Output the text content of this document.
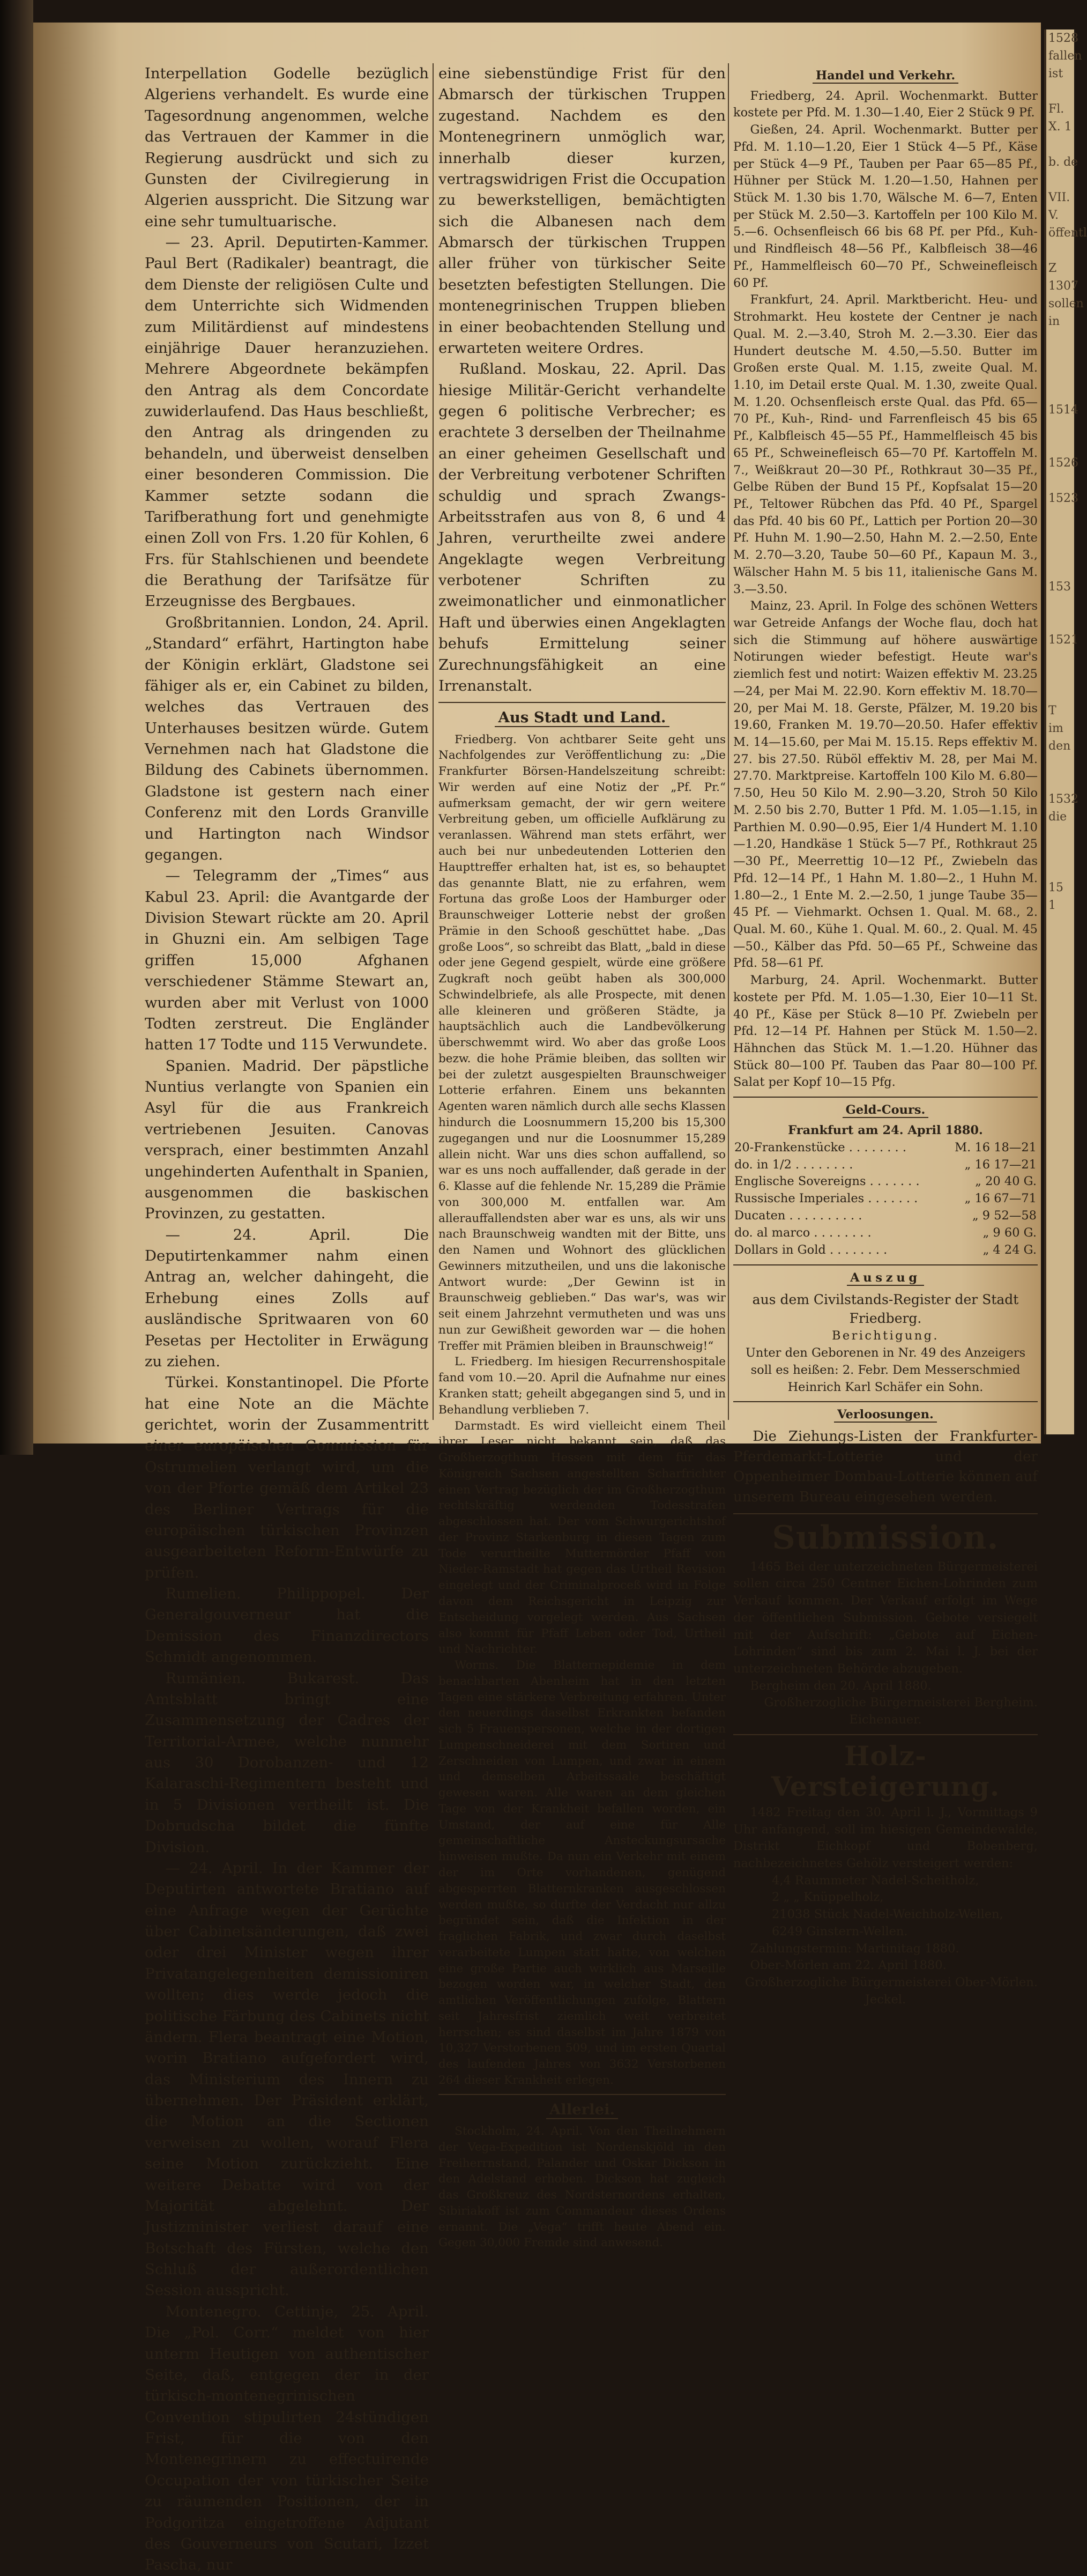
1528
fallen
ist

Fl.
X. 1

b. de

VII.
V.
öffentl

Z
1307
sollen
in

1514

1526

1523

153

1521

T
im
den

1532
die

15
1

Interpellation Godelle bezüglich Algeriens verhandelt. Es wurde eine Tagesordnung angenommen, welche das Vertrauen der Kammer in die Regierung ausdrückt und sich zu Gunsten der Civilregierung in Algerien ausspricht. Die Sitzung war eine sehr tumultuarische.

— 23. April. Deputirten-Kammer. Paul Bert (Radikaler) beantragt, die dem Dienste der religiösen Culte und dem Unterrichte sich Widmenden zum Militärdienst auf mindestens einjährige Dauer heranzuziehen. Mehrere Abgeordnete bekämpfen den Antrag als dem Concordate zuwiderlaufend. Das Haus beschließt, den Antrag als dringenden zu behandeln, und überweist denselben einer besonderen Commission. Die Kammer setzte sodann die Tarifberathung fort und genehmigte einen Zoll von Frs. 1.20 für Kohlen, 6 Frs. für Stahlschienen und beendete die Berathung der Tarifsätze für Erzeugnisse des Bergbaues.

Großbritannien. London, 24. April. „Standard“ erfährt, Hartington habe der Königin erklärt, Gladstone sei fähiger als er, ein Cabinet zu bilden, welches das Vertrauen des Unterhauses besitzen würde. Gutem Vernehmen nach hat Gladstone die Bildung des Cabinets übernommen. Gladstone ist gestern nach einer Conferenz mit den Lords Granville und Hartington nach Windsor gegangen.

— Telegramm der „Times“ aus Kabul 23. April: die Avantgarde der Division Stewart rückte am 20. April in Ghuzni ein. Am selbigen Tage griffen 15,000 Afghanen verschiedener Stämme Stewart an, wurden aber mit Verlust von 1000 Todten zerstreut. Die Engländer hatten 17 Todte und 115 Verwundete.

Spanien. Madrid. Der päpstliche Nuntius verlangte von Spanien ein Asyl für die aus Frankreich vertriebenen Jesuiten. Canovas versprach, einer bestimmten Anzahl ungehinderten Aufenthalt in Spanien, ausgenommen die baskischen Provinzen, zu gestatten.

— 24. April. Die Deputirtenkammer nahm einen Antrag an, welcher dahingeht, die Erhebung eines Zolls auf ausländische Spritwaaren von 60 Pesetas per Hectoliter in Erwägung zu ziehen.

Türkei. Konstantinopel. Die Pforte hat eine Note an die Mächte gerichtet, worin der Zusammentritt einer europäischen Commission für Ostrumelien verlangt wird, um die von der Pforte gemäß dem Artikel 23 des Berliner Vertrags für die europäischen türkischen Provinzen ausgearbeiteten Reform-Entwürfe zu prüfen.

Rumelien. Philippopel. Der Generalgouverneur hat die Demission des Finanzdirectors Schmidt angenommen.

Rumänien. Bukarest. Das Amtsblatt bringt eine Zusammensetzung der Cadres der Territorial-Armee, welche nunmehr aus 30 Dorobanzen- und 12 Kalaraschi-Regimentern besteht und in 5 Divisionen vertheilt ist. Die Dobrudscha bildet die fünfte Division.

— 24. April. In der Kammer der Deputirten antwortete Bratiano auf eine Anfrage wegen der Gerüchte über Cabinetsänderungen, daß zwei oder drei Minister wegen ihrer Privatangelegenheiten demissioniren wollten; dies werde jedoch die politische Färbung des Cabinets nicht ändern. Flera beantragt eine Motion, worin Bratiano aufgefordert wird, das Ministerium des Innern zu übernehmen. Der Präsident erklärt, die Motion an die Sectionen verweisen zu wollen, worauf Flera seine Motion zurückzieht. Eine weitere Debatte wird von der Majorität abgelehnt. Der Justizminister verliest darauf eine Botschaft des Fürsten, welche den Schluß der außerordentlichen Session ausspricht.

Montenegro. Cettinje, 25. April. Die „Pol. Corr.“ meldet von hier unterm Heutigen von authentischer Seite, daß, entgegen der in der türkisch-montenegrinischen Convention stipulirten 24stündigen Frist, für die von den Montenegrinern zu effectuirende Occupation der von türkischer Seite zu räumenden Positionen, der in Podgoritza eingetroffene Adjutant des Gouverneurs von Scutari, Izzet Pascha, nur

eine siebenstündige Frist für den Abmarsch der türkischen Truppen zugestand. Nachdem es den Montenegrinern unmöglich war, innerhalb dieser kurzen, vertragswidrigen Frist die Occupation zu bewerkstelligen, bemächtigten sich die Albanesen nach dem Abmarsch der türkischen Truppen aller früher von türkischer Seite besetzten befestigten Stellungen. Die montenegrinischen Truppen blieben in einer beobachtenden Stellung und erwarteten weitere Ordres.

Rußland. Moskau, 22. April. Das hiesige Militär-Gericht verhandelte gegen 6 politische Verbrecher; es erachtete 3 derselben der Theilnahme an einer geheimen Gesellschaft und der Verbreitung verbotener Schriften schuldig und sprach Zwangs-Arbeitsstrafen aus von 8, 6 und 4 Jahren, verurtheilte zwei andere Angeklagte wegen Verbreitung verbotener Schriften zu zweimonatlicher und einmonatlicher Haft und überwies einen Angeklagten behufs Ermittelung seiner Zurechnungsfähigkeit an eine Irrenanstalt.

Aus Stadt und Land.

Friedberg. Von achtbarer Seite geht uns Nachfolgendes zur Veröffentlichung zu: „Die Frankfurter Börsen-Handelszeitung schreibt: Wir werden auf eine Notiz der „Pf. Pr.“ aufmerksam gemacht, der wir gern weitere Verbreitung geben, um officielle Aufklärung zu veranlassen. Während man stets erfährt, wer auch bei nur unbedeutenden Lotterien den Haupttreffer erhalten hat, ist es, so behauptet das genannte Blatt, nie zu erfahren, wem Fortuna das große Loos der Hamburger oder Braunschweiger Lotterie nebst der großen Prämie in den Schooß geschüttet habe. „Das große Loos“, so schreibt das Blatt, „bald in diese oder jene Gegend gespielt, würde eine größere Zugkraft noch geübt haben als 300,000 Schwindelbriefe, als alle Prospecte, mit denen alle kleineren und größeren Städte, ja hauptsächlich auch die Landbevölkerung überschwemmt wird. Wo aber das große Loos bezw. die hohe Prämie bleiben, das sollten wir bei der zuletzt ausgespielten Braunschweiger Lotterie erfahren. Einem uns bekannten Agenten waren nämlich durch alle sechs Klassen hindurch die Loosnummern 15,200 bis 15,300 zugegangen und nur die Loosnummer 15,289 allein nicht. War uns dies schon auffallend, so war es uns noch auffallender, daß gerade in der 6. Klasse auf die fehlende Nr. 15,289 die Prämie von 300,000 M. entfallen war. Am allerauffallendsten aber war es uns, als wir uns nach Braunschweig wandten mit der Bitte, uns den Namen und Wohnort des glücklichen Gewinners mitzutheilen, und uns die lakonische Antwort wurde: „Der Gewinn ist in Braunschweig geblieben.“ Das war's, was wir seit einem Jahrzehnt vermutheten und was uns nun zur Gewißheit geworden war — die hohen Treffer mit Prämien bleiben in Braunschweig!“

L. Friedberg. Im hiesigen Recurrenshospitale fand vom 10.—20. April die Aufnahme nur eines Kranken statt; geheilt abgegangen sind 5, und in Behandlung verblieben 7.

Darmstadt. Es wird vielleicht einem Theil ihrer Leser nicht bekannt sein, daß das Großherzogthum Hessen mit dem für das Königreich Sachsen angestellten Scharfrichter einen Vertrag bezüglich der im Großherzogthum rechtskräftig werdenden Todesstrafen abgeschlossen hat. Der vom Schwurgerichtshof der Provinz Starkenburg in diesen Tagen zum Tode verurtheilte Muttermörder Pfaff von Nieder-Ramstadt hat gegen das Urtheil Revision eingelegt und der Criminalproceß wird in Folge davon dem Reichsgericht in Leipzig zur Entscheidung vorgelegt werden. Aus Sachsen also kommt für Pfaff Leben oder Tod, Urtheil und Nachrichter.

Worms. Die Blatternepidemie in dem benachbarten Abenheim hat in den letzten Tagen eine stärkere Verbreitung erfahren. Unter den neuerdings daselbst Erkrankten befanden sich 5 Frauenspersonen, welche in der dortigen Lumpenschneiderei mit dem Sortiren und Zerschneiden von Lumpen, und zwar in einem und demselben Arbeitssaale beschäftigt gewesen waren. Alle waren an dem gleichen Tage von der Krankheit befallen worden, ein Umstand, der auf eine für Alle gemeinschaftliche Ansteckungsursache hinweisen mußte. Da nun ein Verkehr mit einem der im Orte vorhandenen, genügend abgesperrten Blatternkranken ausgeschlossen werden mußte, so durfte der Verdacht nur allzu begründet sein, daß die Infektion in der fraglichen Fabrik, und zwar durch daselbst verarbeitete Lumpen statt hatte, von welchen eine große Partie auch wirklich aus Marseille bezogen worden war, in welcher Stadt, den amtlichen Veröffentlichungen zufolge, Blattern seit Jahresfrist ziemlich weit verbreitet herrschen; es sind daselbst im Jahre 1879 von 10,327 Verstorbenen 509, und im ersten Quartal des laufenden Jahres von 3632 Verstorbenen 264 dieser Krankheit erlegen.

Allerlei.

Stockholm, 24. April. Von den Theilnehmern der Vega-Expedition ist Nordenskjöld in den Freiherrnstand, Palander und Oskar Dickson in den Adelstand erhoben. Dickson hat zugleich das Großkreuz des Nordsternordens erhalten, Sibiriakoff ist zum Commandeur dieses Ordens ernannt. Die „Vega“ trifft heute Abend ein. Gegen 30,000 Fremde sind anwesend.

Handel und Verkehr.

Friedberg, 24. April. Wochenmarkt. Butter kostete per Pfd. M. 1.30—1.40, Eier 2 Stück 9 Pf.

Gießen, 24. April. Wochenmarkt. Butter per Pfd. M. 1.10—1.20, Eier 1 Stück 4—5 Pf., Käse per Stück 4—9 Pf., Tauben per Paar 65—85 Pf., Hühner per Stück M. 1.20—1.50, Hahnen per Stück M. 1.30 bis 1.70, Wälsche M. 6—7, Enten per Stück M. 2.50—3. Kartoffeln per 100 Kilo M. 5.—6. Ochsenfleisch 66 bis 68 Pf. per Pfd., Kuh- und Rindfleisch 48—56 Pf., Kalbfleisch 38—46 Pf., Hammelfleisch 60—70 Pf., Schweinefleisch 60 Pf.

Frankfurt, 24. April. Marktbericht. Heu- und Strohmarkt. Heu kostete der Centner je nach Qual. M. 2.—3.40, Stroh M. 2.—3.30. Eier das Hundert deutsche M. 4.50,—5.50. Butter im Großen erste Qual. M. 1.15, zweite Qual. M. 1.10, im Detail erste Qual. M. 1.30, zweite Qual. M. 1.20. Ochsenfleisch erste Qual. das Pfd. 65—70 Pf., Kuh-, Rind- und Farrenfleisch 45 bis 65 Pf., Kalbfleisch 45—55 Pf., Hammelfleisch 45 bis 65 Pf., Schweinefleisch 65—70 Pf. Kartoffeln M. 7., Weißkraut 20—30 Pf., Rothkraut 30—35 Pf., Gelbe Rüben der Bund 15 Pf., Kopfsalat 15—20 Pf., Teltower Rübchen das Pfd. 40 Pf., Spargel das Pfd. 40 bis 60 Pf., Lattich per Portion 20—30 Pf. Huhn M. 1.90—2.50, Hahn M. 2.—2.50, Ente M. 2.70—3.20, Taube 50—60 Pf., Kapaun M. 3., Wälscher Hahn M. 5 bis 11, italienische Gans M. 3.—3.50.

Mainz, 23. April. In Folge des schönen Wetters war Getreide Anfangs der Woche flau, doch hat sich die Stimmung auf höhere auswärtige Notirungen wieder befestigt. Heute war's ziemlich fest und notirt: Waizen effektiv M. 23.25—24, per Mai M. 22.90. Korn effektiv M. 18.70—20, per Mai M. 18. Gerste, Pfälzer, M. 19.20 bis 19.60, Franken M. 19.70—20.50. Hafer effektiv M. 14—15.60, per Mai M. 15.15. Reps effektiv M. 27. bis 27.50. Rüböl effektiv M. 28, per Mai M. 27.70. Marktpreise. Kartoffeln 100 Kilo M. 6.80—7.50, Heu 50 Kilo M. 2.90—3.20, Stroh 50 Kilo M. 2.50 bis 2.70, Butter 1 Pfd. M. 1.05—1.15, in Parthien M. 0.90—0.95, Eier 1/4 Hundert M. 1.10—1.20, Handkäse 1 Stück 5—7 Pf., Rothkraut 25—30 Pf., Meerrettig 10—12 Pf., Zwiebeln das Pfd. 12—14 Pf., 1 Hahn M. 1.80—2., 1 Huhn M. 1.80—2., 1 Ente M. 2.—2.50, 1 junge Taube 35—45 Pf. — Viehmarkt. Ochsen 1. Qual. M. 68., 2. Qual. M. 60., Kühe 1. Qual. M. 60., 2. Qual. M. 45—50., Kälber das Pfd. 50—65 Pf., Schweine das Pfd. 58—61 Pf.

Marburg, 24. April. Wochenmarkt. Butter kostete per Pfd. M. 1.05—1.30, Eier 10—11 St. 40 Pf., Käse per Stück 8—10 Pf. Zwiebeln per Pfd. 12—14 Pf. Hahnen per Stück M. 1.50—2. Hähnchen das Stück M. 1.—1.20. Hühner das Stück 80—100 Pf. Tauben das Paar 80—100 Pf. Salat per Kopf 10—15 Pfg.

Geld-Cours.
Frankfurt am 24. April 1880.
20-Frankenstücke . . . . . . . .	M. 16 18—21
do. in 1/2 . . . . . . . .	„ 16 17—21
Englische Sovereigns . . . . . . .	„ 20 40 G.
Russische Imperiales . . . . . . .	„ 16 67—71
Ducaten . . . . . . . . . .	„ 9 52—58
do. al marco . . . . . . . .	„ 9 60 G.
Dollars in Gold . . . . . . . .	„ 4 24 G.
Auszug

aus dem Civilstands-Register der Stadt Friedberg.

Berichtigung.

Unter den Geborenen in Nr. 49 des Anzeigers soll es heißen: 2. Febr. Dem Messerschmied Heinrich Karl Schäfer ein Sohn.

Verloosungen.

Die Ziehungs-Listen der Frankfurter-Pferdemarkt-Lotterie und der Oppenheimer Dombau-Lotterie können auf unserem Bureau eingesehen werden.

Submission.

1465 Bei der unterzeichneten Bürgermeisterei sollen circa 250 Centner Eichen-Lohrinden zum Verkauf kommen. Der Verkauf erfolgt im Wege der öffentlichen Submission. Gebote versiegelt mit der Aufschrift: „Gebote auf Eichen-Lohrinden“ sind bis zum 2. Mai l. J. bei der unterzeichneten Behörde abzugeben.

Bergheim den 20. April 1880.

Großherzogliche Bürgermeisterei Bergheim.

Eichenauer.

Holz-Versteigerung.

1482 Freitag den 30. April l. J., Vormittags 9 Uhr anfangend, soll im hiesigen Gemeindewalde, Distrikt Eichkopf und Bobenberg, nachbezeichnetes Gehölz versteigert werden:

4,4 Raummeter Nadel-Scheitholz,
2 „ „ Knüppelholz,
21038 Stück Nadel-Weichholz-Wellen,
6249 Ginstern-Wellen.

Zahlungstermin: Martinitag 1880.

Ober-Mörlen am 22. April 1880.

Großherzogliche Bürgermeisterei Ober-Mörlen.

Jeckel.
